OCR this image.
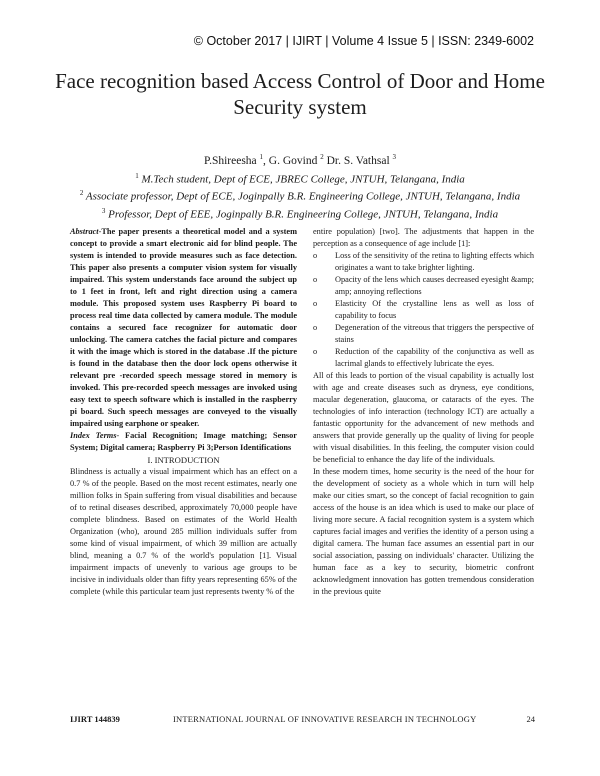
© October 2017 | IJIRT | Volume 4 Issue 5 | ISSN: 2349-6002
Face recognition based Access Control of Door and Home
Security system
P.Shireesha $^1$, G. Govind $^2$ Dr. S. Vathsal $^3$
$^1$ M.Tech student, Dept of ECE, JBREC College, JNTUH, Telangana, India
$^2$ Associate professor, Dept of ECE, Joginpally B.R. Engineering College, JNTUH, Telangana, India
$^3$ Professor, Dept of EEE, Joginpally B.R. Engineering College, JNTUH, Telangana, India

Abstract-The paper presents a theoretical model and a system concept to provide a smart electronic aid for blind people. The system is intended to provide measures such as face detection. This paper also presents a computer vision system for visually impaired. This system understands face around the subject up to 1 feet in front, left and right direction using a camera module. This proposed system uses Raspberry Pi board to process real time data collected by camera module. The module contains a secured face recognizer for automatic door unlocking. The camera catches the facial picture and compares it with the image which is stored in the database .If the picture is found in the database then the door lock opens otherwise it relevant pre -recorded speech message stored in memory is invoked. This pre-recorded speech messages are invoked using easy text to speech software which is installed in the raspberry pi board. Such speech messages are conveyed to the visually impaired using earphone or speaker.

Index Terms- Facial Recognition; Image matching; Sensor System; Digital camera; Raspberry Pi 3;Person Identifications

I. INTRODUCTION

Blindness is actually a visual impairment which has an effect on a 0.7 % of the people. Based on the most recent estimates, nearly one million folks in Spain suffering from visual disabilities and because of to retinal diseases described, approximately 70,000 people have complete blindness. Based on estimates of the World Health Organization (who), around 285 million individuals suffer from some kind of visual impairment, of which 39 million are actually blind, meaning a 0.7 % of the world's population [1]. Visual impairment impacts of unevenly to various age groups to be incisive in individuals older than fifty years representing 65% of the complete (while this particular team just represents twenty % of the

entire population) [two]. The adjustments that happen in the perception as a consequence of age include [1]:

o Loss of the sensitivity of the retina to lighting effects which originates a want to take brighter lighting.
o Opacity of the lens which causes decreased eyesight &amp; amp; annoying reflections
o Elasticity Of the crystalline lens as well as loss of capability to focus
o Degeneration of the vitreous that triggers the perspective of stains
o Reduction of the capability of the conjunctiva as well as lacrimal glands to effectively lubricate the eyes.

All of this leads to portion of the visual capability is actually lost with age and create diseases such as dryness, eye conditions, macular degeneration, glaucoma, or cataracts of the eyes. The technologies of info interaction (technology ICT) are actually a fantastic opportunity for the advancement of new methods and answers that provide generally up the quality of living for people with visual disabilities. In this feeling, the computer vision could be beneficial to enhance the day life of the individuals.

In these modern times, home security is the need of the hour for the development of society as a whole which in turn will help make our cities smart, so the concept of facial recognition to gain access of the house is an idea which is used to make our place of living more secure. A facial recognition system is a system which captures facial images and verifies the identity of a person using a digital camera. The human face assumes an essential part in our social association, passing on individuals' character. Utilizing the human face as a key to security, biometric confront acknowledgment innovation has gotten tremendous consideration in the previous quite

IJIRT 144839	INTERNATIONAL JOURNAL OF INNOVATIVE RESEARCH IN TECHNOLOGY	24
